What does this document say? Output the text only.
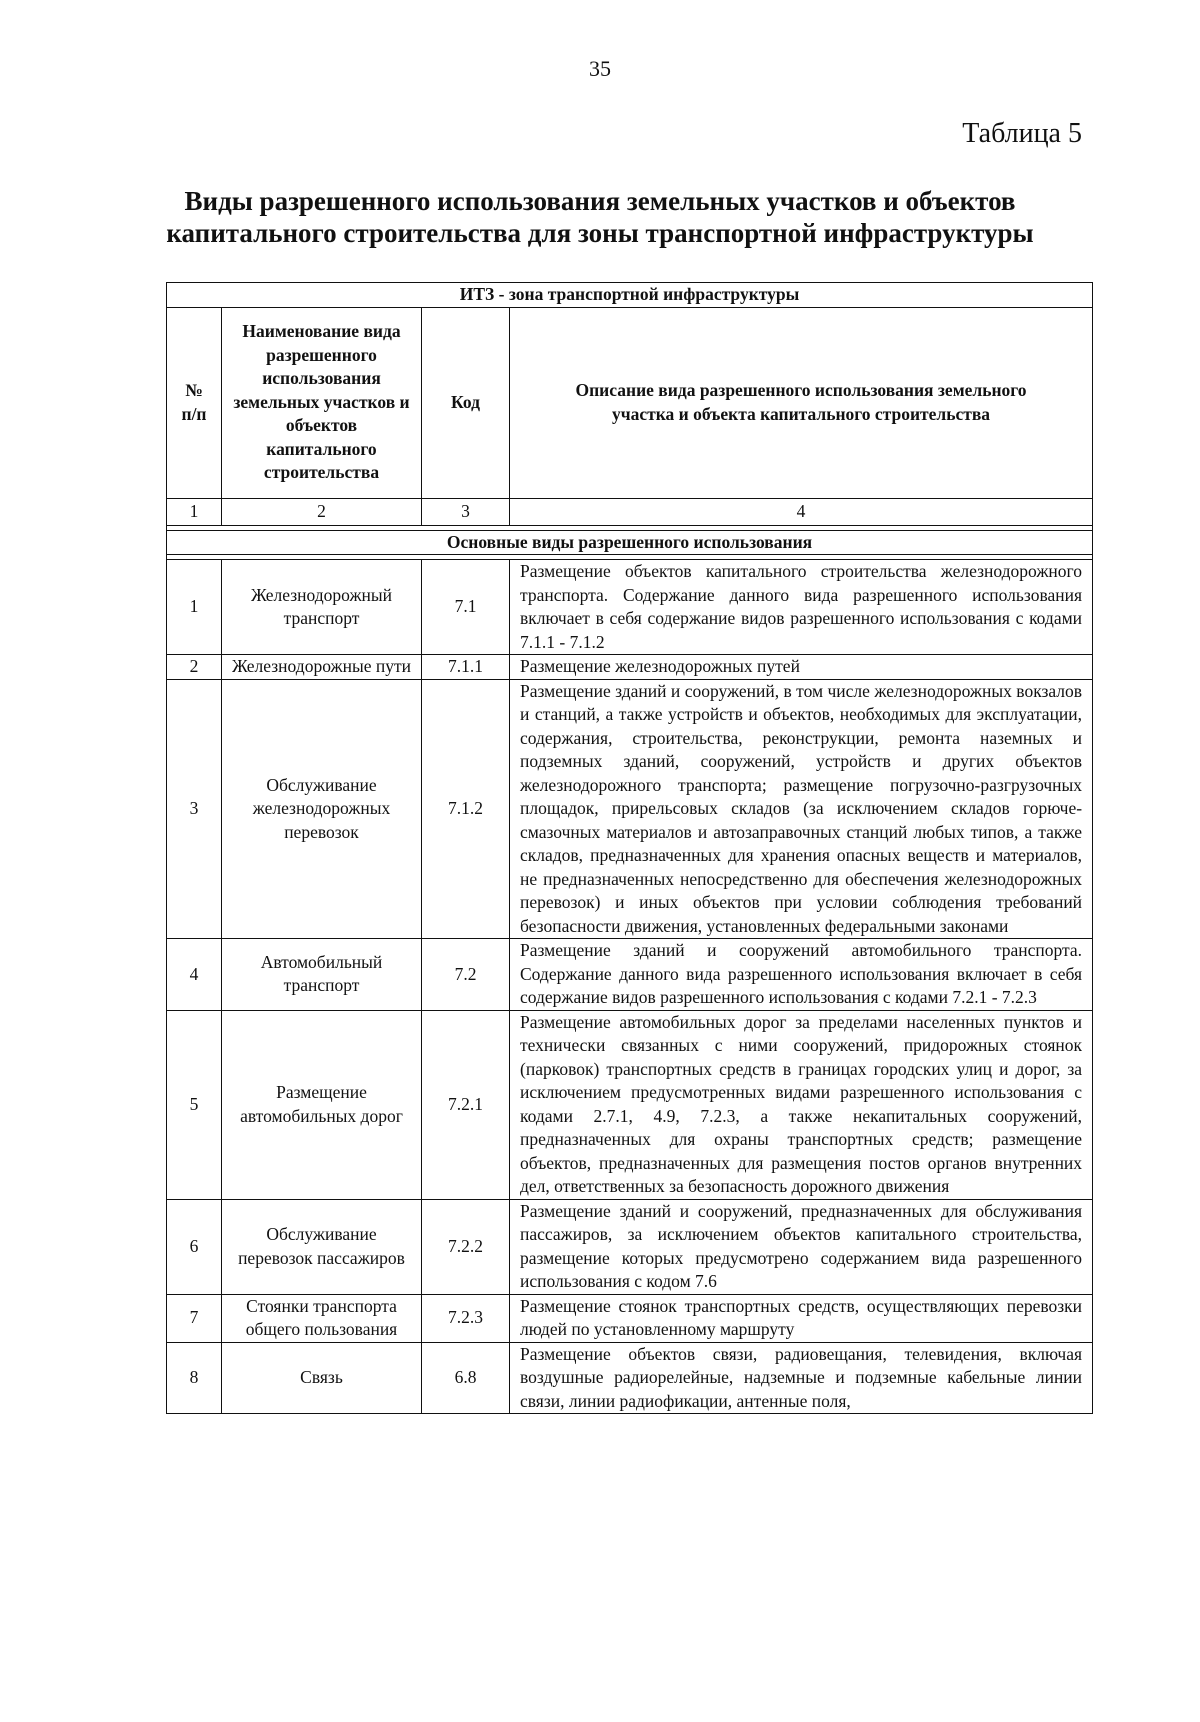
35
Таблица 5
Виды разрешенного использования земельных участков и объектов
капитального строительства для зоны транспортной инфраструктуры
ИТЗ - зона транспортной инфраструктуры			
№ п/п	Наименование вида разрешенного использования земельных участков и объектов капитального строительства	Код	Описание вида разрешенного использования земельного участка и объекта капитального строительства
1	2	3	4

Основные виды разрешенного использования			

1	Железнодорожный транспорт	7.1	Размещение объектов капитального строительства железнодорожного транспорта. Содержание данного вида разрешенного использования включает в себя содержание видов разрешенного использования с кодами 7.1.1 - 7.1.2
2	Железнодорожные пути	7.1.1	Размещение железнодорожных путей
3	Обслуживание железнодорожных перевозок	7.1.2	Размещение зданий и сооружений, в том числе железнодорожных вокзалов и станций, а также устройств и объектов, необходимых для эксплуатации, содержания, строительства, реконструкции, ремонта наземных и подземных зданий, сооружений, устройств и других объектов железнодорожного транспорта; размещение погрузочно-разгрузочных площадок, прирельсовых складов (за исключением складов горюче-смазочных материалов и автозаправочных станций любых типов, а также складов, предназначенных для хранения опасных веществ и материалов, не предназначенных непосредственно для обеспечения железнодорожных перевозок) и иных объектов при условии соблюдения требований безопасности движения, установленных федеральными законами
4	Автомобильный транспорт	7.2	Размещение зданий и сооружений автомобильного транспорта. Содержание данного вида разрешенного использования включает в себя содержание видов разрешенного использования с кодами 7.2.1 - 7.2.3
5	Размещение автомобильных дорог	7.2.1	Размещение автомобильных дорог за пределами населенных пунктов и технически связанных с ними сооружений, придорожных стоянок (парковок) транспортных средств в границах городских улиц и дорог, за исключением предусмотренных видами разрешенного использования с кодами 2.7.1, 4.9, 7.2.3, а также некапитальных сооружений, предназначенных для охраны транспортных средств; размещение объектов, предназначенных для размещения постов органов внутренних дел, ответственных за безопасность дорожного движения
6	Обслуживание перевозок пассажиров	7.2.2	Размещение зданий и сооружений, предназначенных для обслуживания пассажиров, за исключением объектов капитального строительства, размещение которых предусмотрено содержанием вида разрешенного использования с кодом 7.6
7	Стоянки транспорта общего пользования	7.2.3	Размещение стоянок транспортных средств, осуществляющих перевозки людей по установленному маршруту
8	Связь	6.8	Размещение объектов связи, радиовещания, телевидения, включая воздушные радиорелейные, надземные и подземные кабельные линии связи, линии радиофикации, антенные поля,
